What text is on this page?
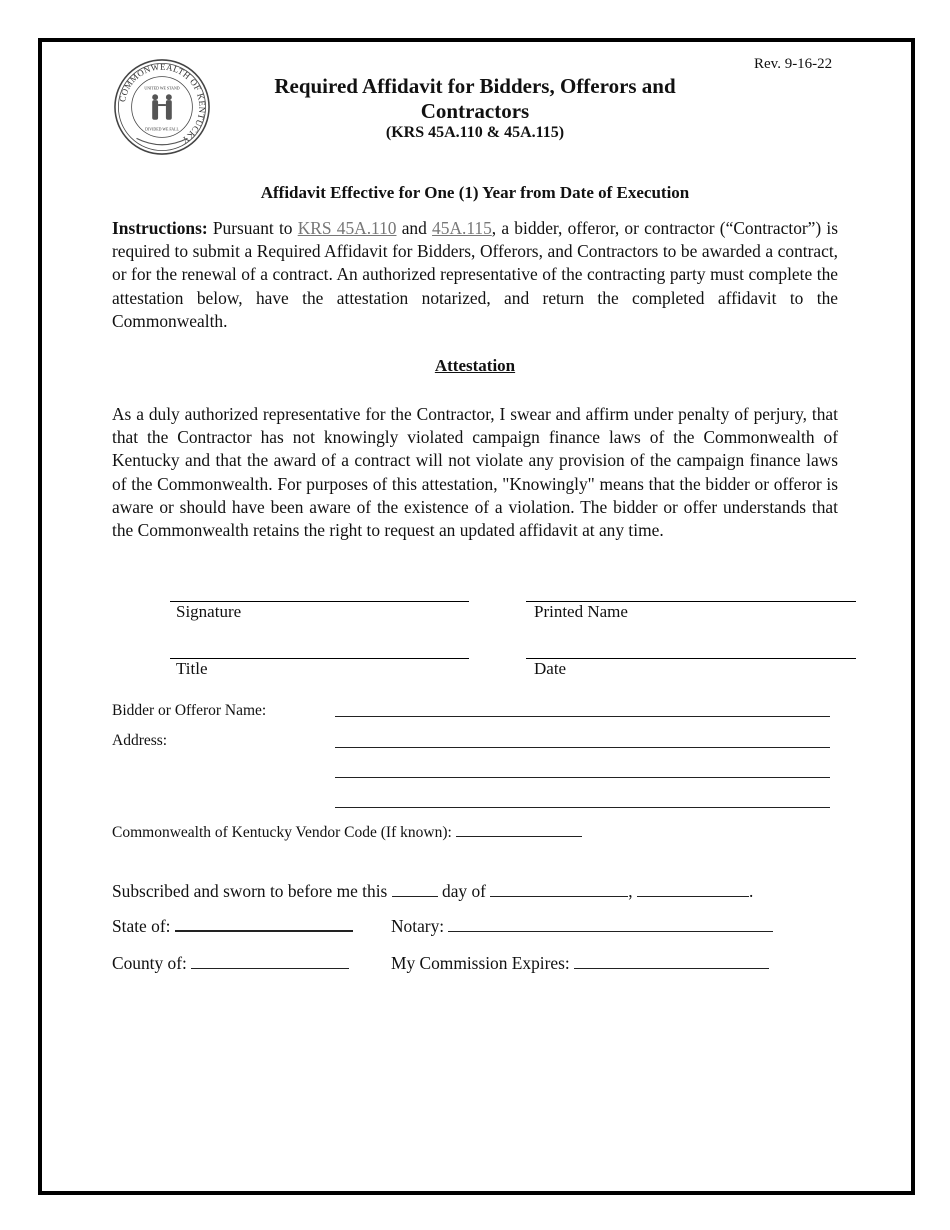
Rev. 9-16-22
COMMONWEALTH OF KENTUCKY
UNITED WE STAND
DIVIDED WE FALL
Required Affidavit for Bidders, Offerors and Contractors
(KRS 45A.110 & 45A.115)
Affidavit Effective for One (1) Year from Date of Execution
Instructions: Pursuant to KRS 45A.110 and 45A.115, a bidder, offeror, or contractor (“Contractor”) is required to submit a Required Affidavit for Bidders, Offerors, and Contractors to be awarded a contract, or for the renewal of a contract. An authorized representative of the contracting party must complete the attestation below, have the attestation notarized, and return the completed affidavit to the Commonwealth.
Attestation
As a duly authorized representative for the Contractor, I swear and affirm under penalty of perjury, that that the Contractor has not knowingly violated campaign finance laws of the Commonwealth of Kentucky and that the award of a contract will not violate any provision of the campaign finance laws of the Commonwealth. For purposes of this attestation, "Knowingly" means that the bidder or offeror is aware or should have been aware of the existence of a violation. The bidder or offer understands that the Commonwealth retains the right to request an updated affidavit at any time.
Signature	Printed Name
Title	Date
Bidder or Offeror Name:
Address:
Commonwealth of Kentucky Vendor Code (If known):
Subscribed and sworn to before me this	day of	,	.
State of:	Notary:
County of:	My Commission Expires:
